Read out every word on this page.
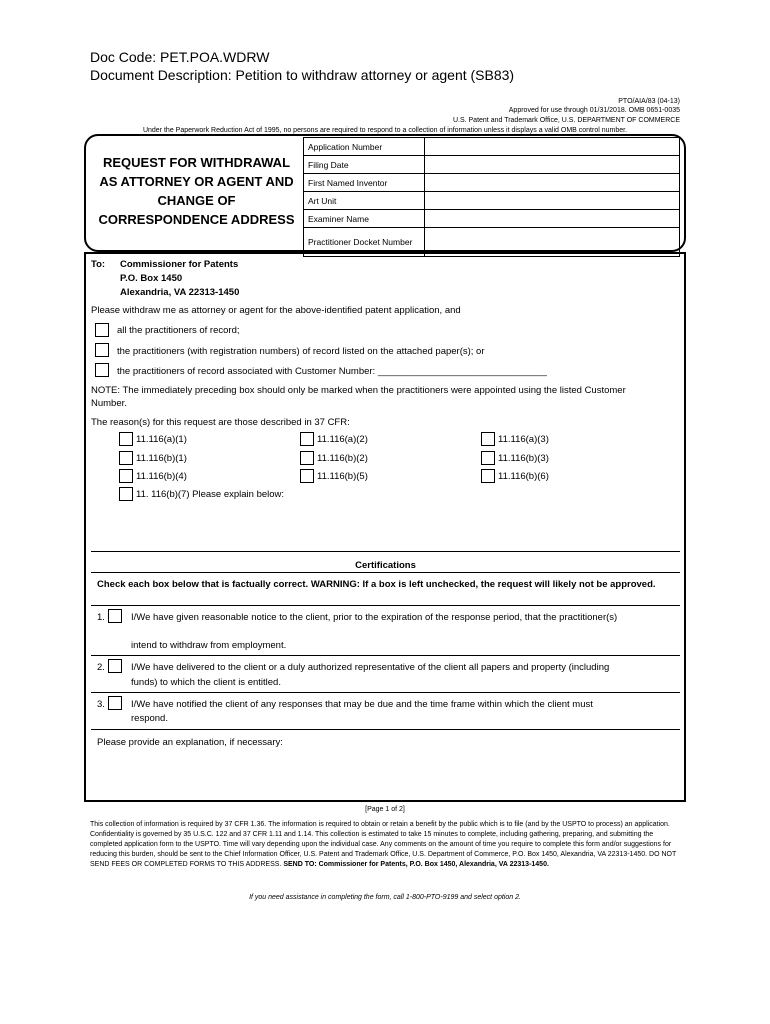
Doc Code: PET.POA.WDRW
Document Description: Petition to withdraw attorney or agent (SB83)
PTO/AIA/83 (04-13)
Approved for use through 01/31/2018. OMB 0651-0035
U.S. Patent and Trademark Office, U.S. DEPARTMENT OF COMMERCE
Under the Paperwork Reduction Act of 1995, no persons are required to respond to a collection of information unless it displays a valid OMB control number.
REQUEST FOR WITHDRAWAL
AS ATTORNEY OR AGENT AND
CHANGE OF
CORRESPONDENCE ADDRESS
Application Number	
Filing Date	
First Named Inventor	
Art Unit	
Examiner Name	
Practitioner Docket Number	
To: Commissioner for Patents
P.O. Box 1450
Alexandria, VA 22313-1450
Please withdraw me as attorney or agent for the above-identified patent application, and
all the practitioners of record;
the practitioners (with registration numbers) of record listed on the attached paper(s); or
the practitioners of record associated with Customer Number: ________________________________
NOTE: The immediately preceding box should only be marked when the practitioners were appointed using the listed Customer Number.
The reason(s) for this request are those described in 37 CFR:
11.116(a)(1)	11.116(a)(2)	11.116(a)(3)
11.116(b)(1)	11.116(b)(2)	11.116(b)(3)
11.116(b)(4)	11.116(b)(5)	11.116(b)(6)
11. 116(b)(7) Please explain below:
Certifications
Check each box below that is factually correct. WARNING: If a box is left unchecked, the request will likely not be approved.
1.	I/We have given reasonable notice to the client, prior to the expiration of the response period, that the practitioner(s)
intend to withdraw from employment.
2.	I/We have delivered to the client or a duly authorized representative of the client all papers and property (including
funds) to which the client is entitled.
3.	I/We have notified the client of any responses that may be due and the time frame within which the client must
respond.
Please provide an explanation, if necessary:
[Page 1 of 2]
This collection of information is required by 37 CFR 1.36. The information is required to obtain or retain a benefit by the public which is to file (and by the USPTO to process) an application. Confidentiality is governed by 35 U.S.C. 122 and 37 CFR 1.11 and 1.14. This collection is estimated to take 15 minutes to complete, including gathering, preparing, and submitting the completed application form to the USPTO. Time will vary depending upon the individual case. Any comments on the amount of time you require to complete this form and/or suggestions for reducing this burden, should be sent to the Chief Information Officer, U.S. Patent and Trademark Office, U.S. Department of Commerce, P.O. Box 1450, Alexandria, VA 22313-1450. DO NOT SEND FEES OR COMPLETED FORMS TO THIS ADDRESS. SEND TO: Commissioner for Patents, P.O. Box 1450, Alexandria, VA 22313-1450.
If you need assistance in completing the form, call 1-800-PTO-9199 and select option 2.
